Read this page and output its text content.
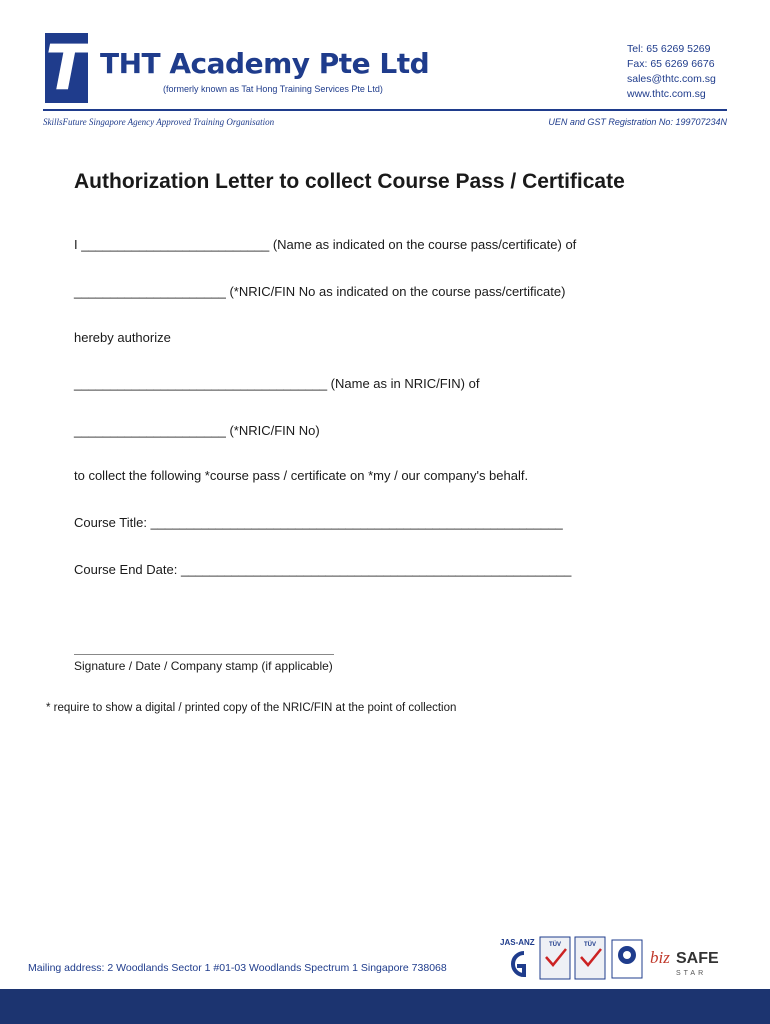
T THT Academy Pte Ltd
(formerly known as Tat Hong Training Services Pte Ltd)
Tel: 65 6269 5269
Fax: 65 6269 6676
sales@thtc.com.sg
www.thtc.com.sg
SkillsFuture Singapore Agency Approved Training Organisation	UEN and GST Registration No: 199707234N
Authorization Letter to collect Course Pass / Certificate
I __________________________ (Name as indicated on the course pass/certificate) of
_____________________ (*NRIC/FIN No as indicated on the course pass/certificate)
hereby authorize
___________________________________ (Name as in NRIC/FIN) of
_____________________ (*NRIC/FIN No)
to collect the following *course pass / certificate on *my / our company's behalf.
Course Title: _________________________________________________________
Course End Date: ______________________________________________________
Signature / Date / Company stamp (if applicable)
* require to show a digital / printed copy of the NRIC/FIN at the point of collection
Mailing address: 2 Woodlands Sector 1 #01-03 Woodlands Spectrum 1 Singapore 738068
JAS-ANZ TÜV	TÜV
biz SAFE
STAR
